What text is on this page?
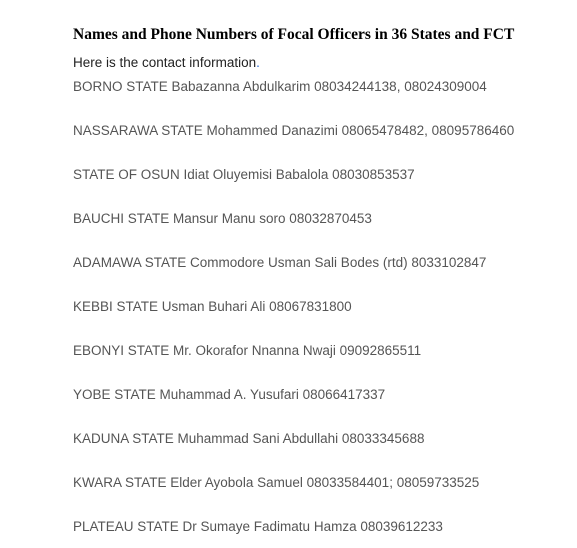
Names and Phone Numbers of Focal Officers in 36 States and FCT
Here is the contact information.
BORNO STATE Babazanna Abdulkarim 08034244138, 08024309004
NASSARAWA STATE Mohammed Danazimi 08065478482, 08095786460
STATE OF OSUN Idiat Oluyemisi Babalola 08030853537
BAUCHI STATE Mansur Manu soro 08032870453
ADAMAWA STATE Commodore Usman Sali Bodes (rtd) 8033102847
KEBBI STATE Usman Buhari Ali 08067831800
EBONYI STATE Mr. Okorafor Nnanna Nwaji 09092865511
YOBE STATE Muhammad A. Yusufari 08066417337
KADUNA STATE Muhammad Sani Abdullahi 08033345688
KWARA STATE Elder Ayobola Samuel 08033584401; 08059733525
PLATEAU STATE Dr Sumaye Fadimatu Hamza 08039612233
